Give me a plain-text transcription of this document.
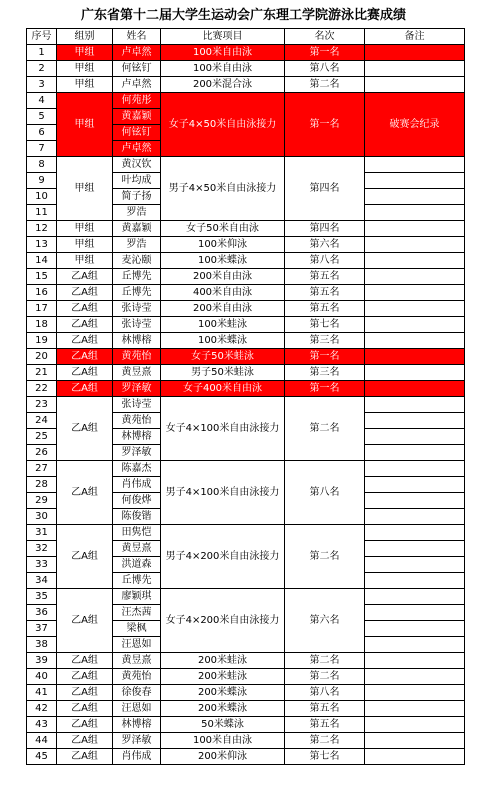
广东省第十二届大学生运动会广东理工学院游泳比赛成绩
序号	组别	姓名	比赛项目	名次	备注
1	甲组	卢卓然	100米自由泳	第一名	
2	甲组	何铉钉	100米自由泳	第八名	
3	甲组	卢卓然	200米混合泳	第二名	
4	甲组	何苑彤	女子4×50米自由泳接力	第一名	破赛会纪录
5		黄嘉颖			
6		何铉钉			
7		卢卓然			
8	甲组	黄汉钦	男子4×50米自由泳接力	第四名	
9		叶均成			
10		简子扬			
11		罗浩			
12	甲组	黄嘉颖	女子50米自由泳	第四名	
13	甲组	罗浩	100米仰泳	第六名	
14	甲组	麦沁颐	100米蝶泳	第八名	
15	乙A组	丘博先	200米自由泳	第五名	
16	乙A组	丘博先	400米自由泳	第五名	
17	乙A组	张诗莹	200米自由泳	第五名	
18	乙A组	张诗莹	100米蛙泳	第七名	
19	乙A组	林博榕	100米蝶泳	第三名	
20	乙A组	黄苑怡	女子50米蛙泳	第一名	
21	乙A组	黄昱熹	男子50米蛙泳	第三名	
22	乙A组	罗泽敏	女子400米自由泳	第一名	
23	乙A组	张诗莹	女子4×100米自由泳接力	第二名	
24		黄苑怡			
25		林博榕			
26		罗泽敏			
27	乙A组	陈嘉杰	男子4×100米自由泳接力	第八名	
28		肖伟成			
29		何俊烨			
30		陈俊锴			
31	乙A组	田隽恺	男子4×200米自由泳接力	第二名	
32		黄昱熹			
33		洪道森			
34		丘博先			
35	乙A组	廖颖琪	女子4×200米自由泳接力	第六名	
36		汪杰茜			
37		梁枫			
38		汪恩如			
39	乙A组	黄昱熹	200米蛙泳	第二名	
40	乙A组	黄苑怡	200米蛙泳	第二名	
41	乙A组	徐俊春	200米蝶泳	第八名	
42	乙A组	汪恩如	200米蝶泳	第五名	
43	乙A组	林博榕	50米蝶泳	第五名	
44	乙A组	罗泽敏	100米自由泳	第二名	
45	乙A组	肖伟成	200米仰泳	第七名	
